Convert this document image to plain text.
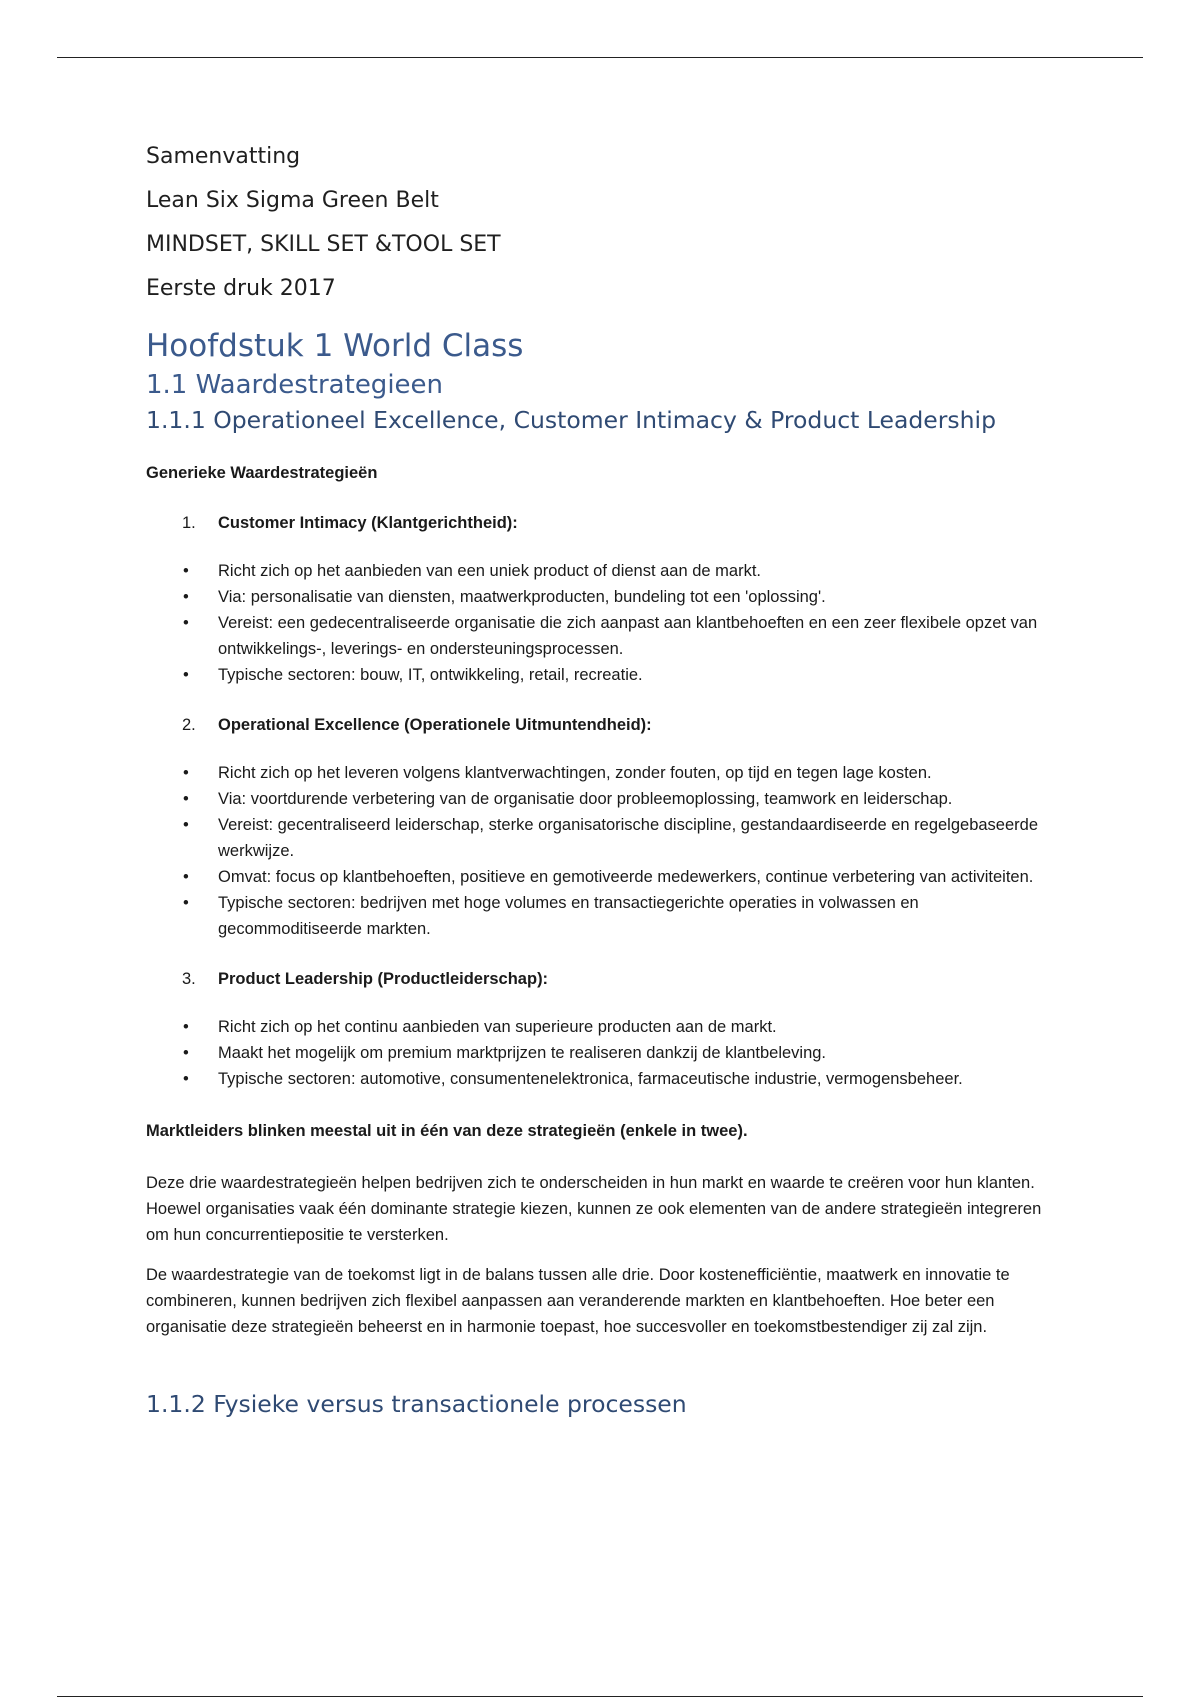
Samenvatting
Lean Six Sigma Green Belt
MINDSET, SKILL SET &TOOL SET
Eerste druk 2017
Hoofdstuk 1 World Class
1.1 Waardestrategieen
1.1.1 Operationeel Excellence, Customer Intimacy & Product Leadership
Generieke Waardestrategieën
1. Customer Intimacy (Klantgerichtheid):
• Richt zich op het aanbieden van een uniek product of dienst aan de markt.
• Via: personalisatie van diensten, maatwerkproducten, bundeling tot een 'oplossing'.
• Vereist: een gedecentraliseerde organisatie die zich aanpast aan klantbehoeften en een zeer flexibele opzet van ontwikkelings-, leverings- en ondersteuningsprocessen.
• Typische sectoren: bouw, IT, ontwikkeling, retail, recreatie.
2. Operational Excellence (Operationele Uitmuntendheid):
• Richt zich op het leveren volgens klantverwachtingen, zonder fouten, op tijd en tegen lage kosten.
• Via: voortdurende verbetering van de organisatie door probleemoplossing, teamwork en leiderschap.
• Vereist: gecentraliseerd leiderschap, sterke organisatorische discipline, gestandaardiseerde en regelgebaseerde werkwijze.
• Omvat: focus op klantbehoeften, positieve en gemotiveerde medewerkers, continue verbetering van activiteiten.
• Typische sectoren: bedrijven met hoge volumes en transactiegerichte operaties in volwassen en gecommoditiseerde markten.
3. Product Leadership (Productleiderschap):
• Richt zich op het continu aanbieden van superieure producten aan de markt.
• Maakt het mogelijk om premium marktprijzen te realiseren dankzij de klantbeleving.
• Typische sectoren: automotive, consumentenelektronica, farmaceutische industrie, vermogensbeheer.
Marktleiders blinken meestal uit in één van deze strategieën (enkele in twee).
Deze drie waardestrategieën helpen bedrijven zich te onderscheiden in hun markt en waarde te creëren voor hun klanten. Hoewel organisaties vaak één dominante strategie kiezen, kunnen ze ook elementen van de andere strategieën integreren om hun concurrentiepositie te versterken.
De waardestrategie van de toekomst ligt in de balans tussen alle drie. Door kostenefficiëntie, maatwerk en innovatie te combineren, kunnen bedrijven zich flexibel aanpassen aan veranderende markten en klantbehoeften. Hoe beter een organisatie deze strategieën beheerst en in harmonie toepast, hoe succesvoller en toekomstbestendiger zij zal zijn.
1.1.2 Fysieke versus transactionele processen
